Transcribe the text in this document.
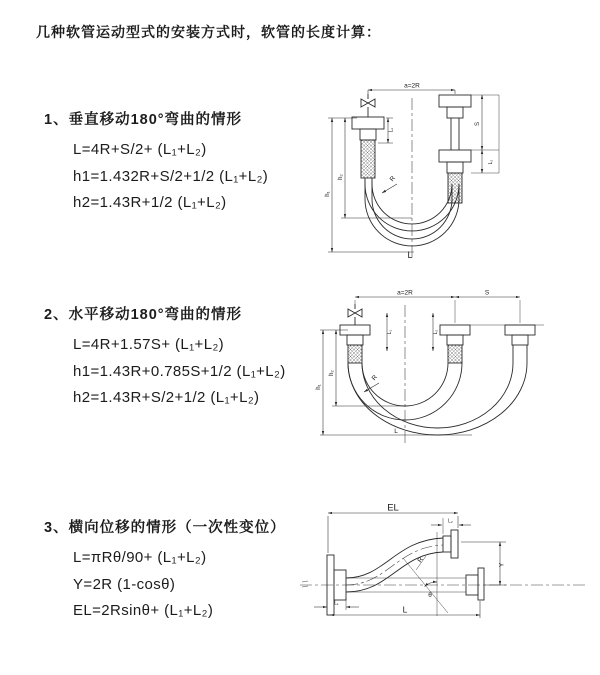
几种软管运动型式的安装方式时，软管的长度计算：
1、垂直移动180°弯曲的情形
L=4R+S/2+ (L₁+L₂)
h1=1.432R+S/2+1/2 (L₁+L₂)
h2=1.43R+1/2 (L₁+L₂)
a=2R
L₁
h₁
h₂
S
L₂
R
L
2、水平移动180°弯曲的情形
L=4R+1.57S+ (L₁+L₂)
h1=1.43R+0.785S+1/2 (L₁+L₂)
h2=1.43R+S/2+1/2 (L₁+L₂)
a=2R	S
L₁	L₂
h₁
h₂
R
L
3、横向位移的情形（一次性变位）
L=πRθ/90+ (L₁+L₂)
Y=2R (1-cosθ)
EL=2Rsinθ+ (L₁+L₂)
EL
L₂
Y
θ
R
L
L₁
